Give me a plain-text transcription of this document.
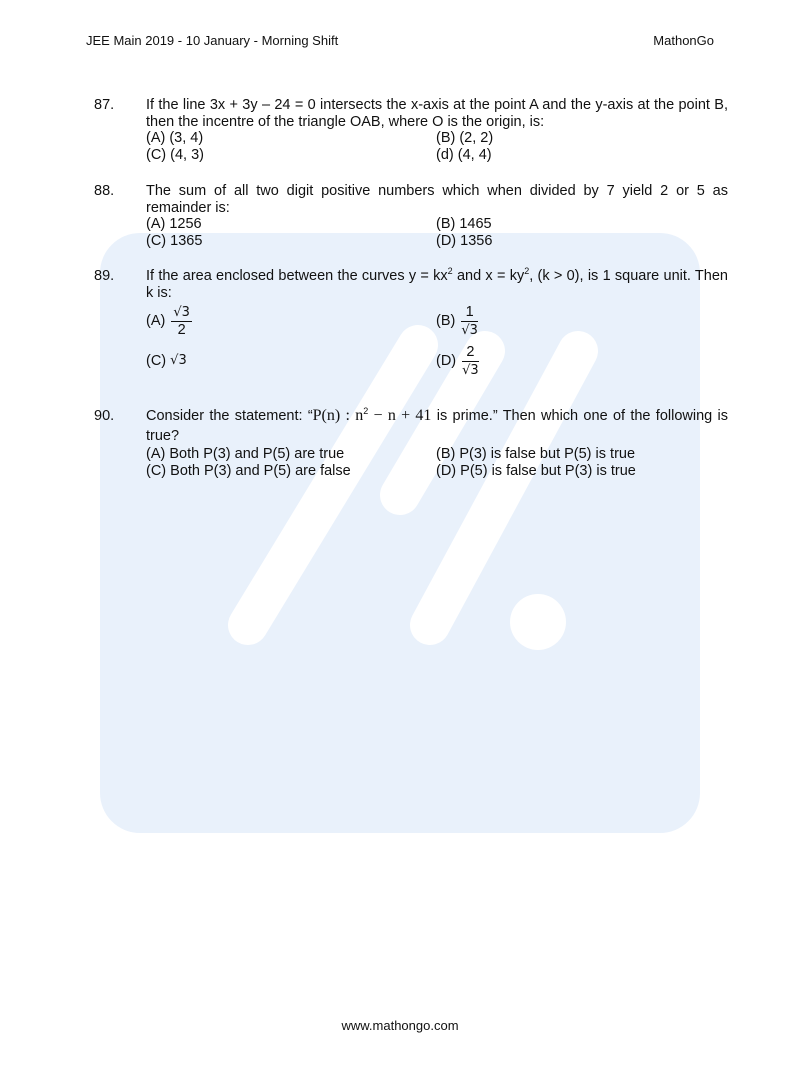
JEE Main 2019 - 10 January - Morning Shift	MathonGo
87. If the line 3x + 3y – 24 = 0 intersects the x-axis at the point A and the y-axis at the point B, then the incentre of the triangle OAB, where O is the origin, is:
(A) (3, 4)	(B) (2, 2)
(C) (4, 3)	(d) (4, 4)
88. The sum of all two digit positive numbers which when divided by 7 yield 2 or 5 as remainder is:
(A) 1256	(B) 1465
(C) 1365	(D) 1356
89. If the area enclosed between the curves $y = kx^2$ and $x = ky^2$, (k > 0), is 1 square unit. Then k is:
$(A) \frac{√3}{2}$	$(B) \frac{1}{√3}$
(C)
√3	$(D) \frac{2}{√3}$
90. Consider the statement: “P(n) : $n^2 - n + 41$ is prime.” Then which one of the following is true?
(A) Both P(3) and P(5) are true	(B) P(3) is false but P(5) is true
(C) Both P(3) and P(5) are false	(D) P(5) is false but P(3) is true
www.mathongo.com
